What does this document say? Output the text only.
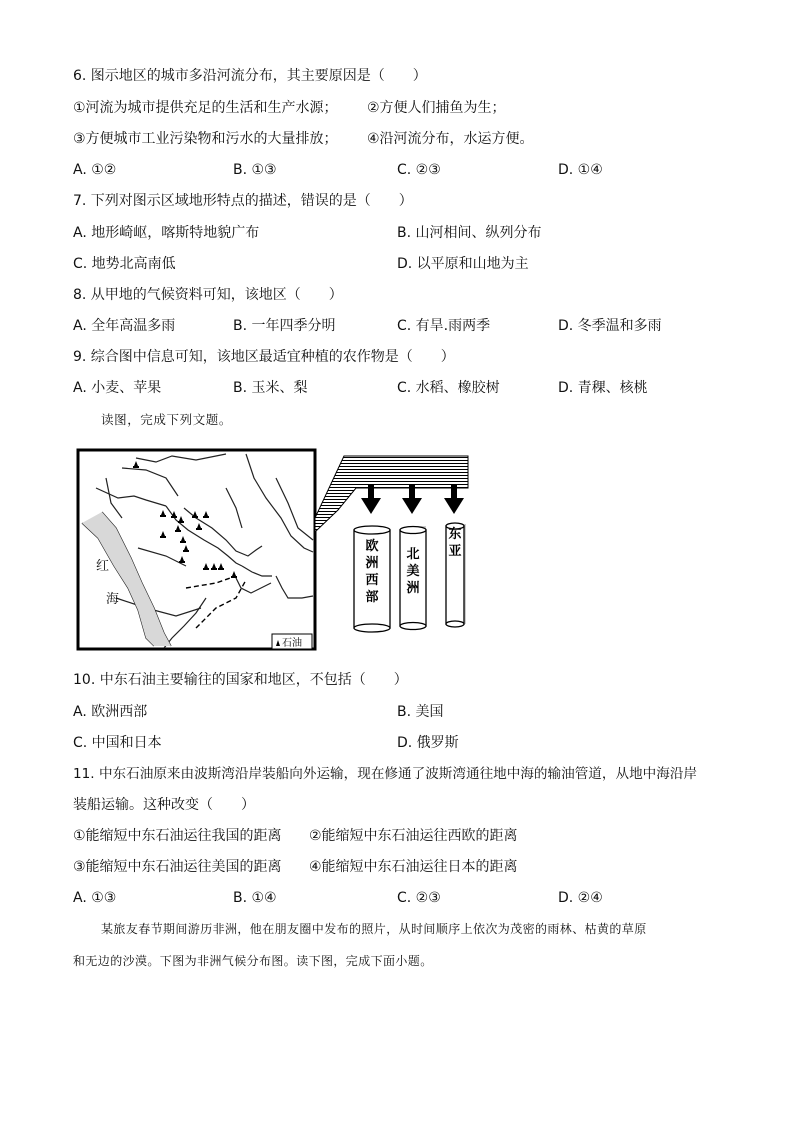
6. 图示地区的城市多沿河流分布，其主要原因是（　　）
①河流为城市提供充足的生活和生产水源； ②方便人们捕鱼为生；
③方便城市工业污染物和污水的大量排放； ④沿河流分布，水运方便。
A. ①②	B. ①③	C. ②③	D. ①④
7. 下列对图示区域地形特点的描述，错误的是（　　）
A. 地形崎岖，喀斯特地貌广布	B. 山河相间、纵列分布
C. 地势北高南低	D. 以平原和山地为主
8. 从甲地的气候资料可知，该地区（　　）
A. 全年高温多雨	B. 一年四季分明	C. 有旱.雨两季	D. 冬季温和多雨
9. 综合图中信息可知，该地区最适宜种植的农作物是（　　）
A. 小麦、苹果	B. 玉米、梨	C. 水稻、橡胶树	D. 青稞、核桃
读图，完成下列文题。
红
海
石油
欧洲西部
北美洲
东亚
10. 中东石油主要输往的国家和地区，不包括（　　）
A. 欧洲西部	B. 美国
C. 中国和日本	D. 俄罗斯
11. 中东石油原来由波斯湾沿岸装船向外运输，现在修通了波斯湾通往地中海的输油管道，从地中海沿岸
装船运输。这种改变（　　）
①能缩短中东石油运往我国的距离 ②能缩短中东石油运往西欧的距离
③能缩短中东石油运往美国的距离 ④能缩短中东石油运往日本的距离
A. ①③	B. ①④	C. ②③	D. ②④
某旅友春节期间游历非洲，他在朋友圈中发布的照片，从时间顺序上依次为茂密的雨林、枯黄的草原
和无边的沙漠。下图为非洲气候分布图。读下图，完成下面小题。
